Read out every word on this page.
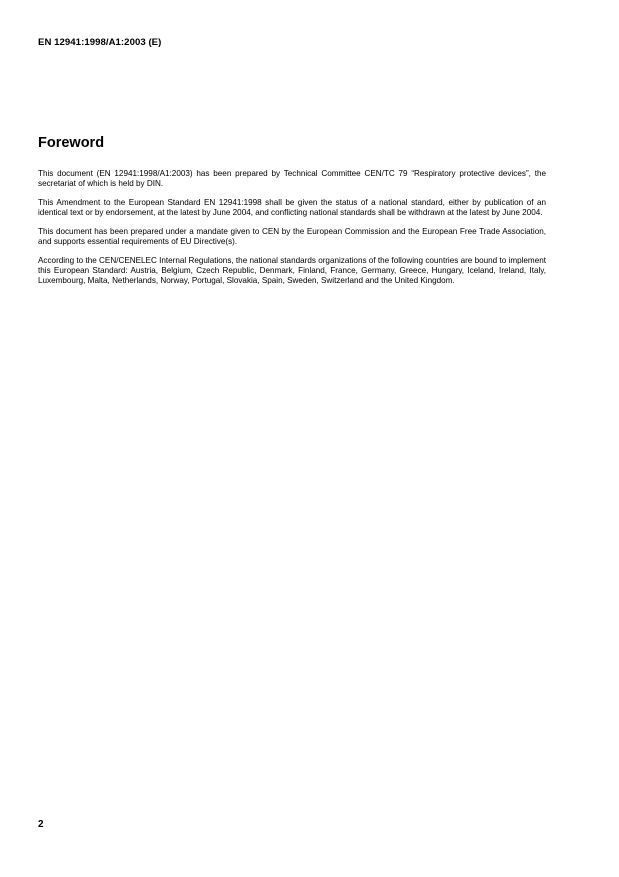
EN 12941:1998/A1:2003 (E)
Foreword

This document (EN 12941:1998/A1:2003) has been prepared by Technical Committee CEN/TC 79 “Respiratory protective devices”, the secretariat of which is held by DIN.

This Amendment to the European Standard EN 12941:1998 shall be given the status of a national standard, either by publication of an identical text or by endorsement, at the latest by June 2004, and conflicting national standards shall be withdrawn at the latest by June 2004.

This document has been prepared under a mandate given to CEN by the European Commission and the European Free Trade Association, and supports essential requirements of EU Directive(s).

According to the CEN/CENELEC Internal Regulations, the national standards organizations of the following countries are bound to implement this European Standard: Austria, Belgium, Czech Republic, Denmark, Finland, France, Germany, Greece, Hungary, Iceland, Ireland, Italy, Luxembourg, Malta, Netherlands, Norway, Portugal, Slovakia, Spain, Sweden, Switzerland and the United Kingdom.

2
